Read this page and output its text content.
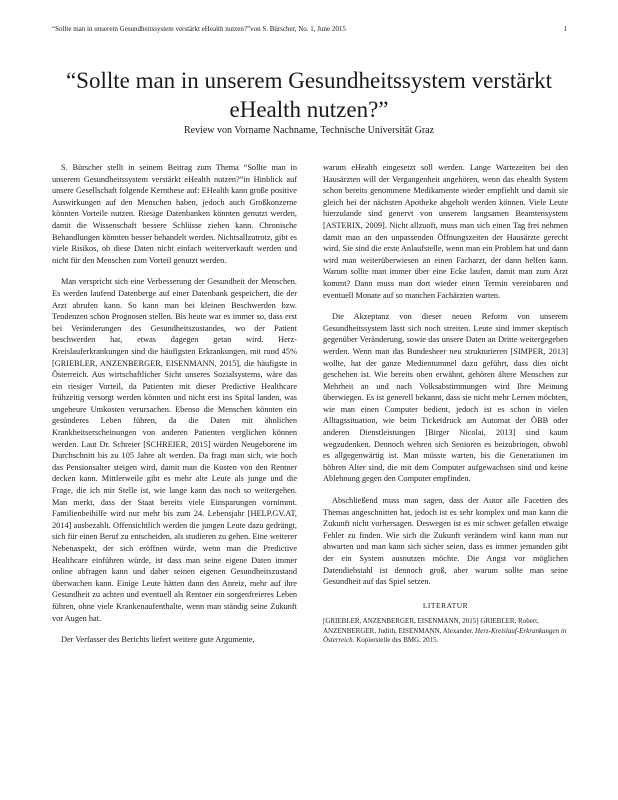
“Sollte man in unserem Gesundheitssystem verstärkt eHealth nutzen?”von S. Bürscher, No. 1, June 2015	1
“Sollte man in unserem Gesundheitssystem verstärkt eHealth nutzen?”
Review von Vorname Nachname, Technische Universität Graz

S. Bürscher stellt in seinem Beitrag zum Thema “Sollte man in unserem Gesundheitssystem verstärkt eHealth nutzen?”in Hinblick auf unsere Gesellschaft folgende Kernthese auf: EHealth kann große positive Auswirkungen auf den Menschen haben, jedoch auch Großkonzerne könnten Vorteile nutzen. Riesige Datenbanken könnten genutzt werden, damit die Wissenschaft bessere Schlüsse ziehen kann. Chronische Behandlungen könnten besser behandelt werden. Nichtsallzutrotz, gibt es viele Risikos, ob diese Daten nicht einfach weiterverkauft werden und nicht für den Menschen zum Vorteil genutzt werden.

Man verspricht sich eine Verbesserung der Gesundheit der Menschen. Es werden laufend Datenberge auf einer Datenbank gespeichert, die der Arzt abrufen kann. So kann man bei kleinen Beschwerden bzw. Tendenzen schon Prognosen stellen. Bis heute war es immer so, dass erst bei Veränderungen des Gesundheitszustandes, wo der Patient beschwerden hat, etwas dagegen getan wird. Herz-Kreislauferkrankungen sind die häufigsten Erkrankungen, mit rund 45% [GRIEBLER, ANZENBERGER, EISENMANN, 2015], die häufigste in Österreich. Aus wirtschaftlicher Sicht unseres Sozialsystems, wäre das ein riesiger Vorteil, da Patienten mit dieser Predictive Healthcare frühzeitig versorgt werden könnten und nicht erst ins Spital landen, was ungeheure Umkosten verursachen. Ebenso die Menschen könnten ein gesünderes Leben führen, da die Daten mit ähnlichen Krankheitserscheinungen von anderen Patienten verglichen können werden. Laut Dr. Schreier [SCHREIER, 2015] würden Neugeborene im Durchschnitt bis zu 105 Jahre alt werden. Da fragt man sich, wie hoch das Pensionsalter steigen wird, damit man die Kosten von den Rentner decken kann. Mittlerweile gibt es mehr alte Leute als junge und die Frage, die ich mir Stelle ist, wie lange kann das noch so weitergehen. Man merkt, dass der Staat bereits viele Einsparungen vornimmt. Familienbeihilfe wird nur mehr bis zum 24. Lebensjahr [HELP.GV.AT, 2014] ausbezahlt. Offensichtlich werden die jungen Leute dazu gedrängt, sich für einen Beruf zu entscheiden, als studieren zu gehen. Eine weiterer Nebenaspekt, der sich eröffnen würde, wenn man die Predictive Healthcare einführen würde, ist dass man seine eigene Daten immer online abfragen kann und daher seinen eigenen Gesundheitszustand überwachen kann. Einige Leute hätten dann den Anreiz, mehr auf ihre Gesundheit zu achten und eventuell als Rentner ein sorgenfreieres Leben führen, ohne viele Krankenaufenthalte, wenn man ständig seine Zukunft vor Augen hat.

Der Verfasser des Berichts liefert weitere gute Argumente,

warum eHealth eingesetzt soll werden. Lange Wartezeiten bei den Hausärzten will der Vergangenheit angehören, wenn das ehealth System schon bereits genommene Medikamente wieder empfiehlt und damit sie gleich bei der nächsten Apotheke abgeholt werden können. Viele Leute hierzulande sind genervt von unserem langsamen Beamtensystem [ASTERIX, 2009]. Nicht allzuoft, muss man sich einen Tag frei nehmen damit man an den unpassenden Öffnungszeiten der Hausärzte gerecht wird. Sie sind die erste Anlaufstelle, wenn man ein Problem hat und dann wird man weiterüberwiesen an einen Facharzt, der dann helfen kann. Warum sollte man immer über eine Ecke laufen, damit man zum Arzt kommt? Dann muss man dort wieder einen Termin vereinbaren und eventuell Monate auf so manchen Fachärzten warten.

Die Akzeptanz von dieser neuen Reform von unserem Gesundheitssystem lässt sich noch streiten. Leute sind immer skeptisch gegenüber Veränderung, sowie das unsere Daten an Dritte weitergegeben werden. Wenn man das Bundesheer neu strukturieren [SIMPER, 2013] wollte, hat der ganze Medientummel dazu geführt, dass dies nicht geschehen ist. Wie bereits oben erwähnt, gehören ältere Menschen zur Mehrheit an und nach Volksabstimmungen wird Ihre Meinung überwiegen. Es ist generell bekannt, dass sie nicht mehr Lernen möchten, wie man einen Computer bedient, jedoch ist es schon in vielen Alltagssituation, wie beim Ticketdruck am Automat der ÖBB oder anderen Dienstleistungen [Birger Nicolai, 2013] sind kaum wegzudenken. Dennoch wehren sich Senioren es beizubringen, obwohl es allgegenwärtig ist. Man müsste warten, bis die Generationen im höhren Alter sind, die mit dem Computer aufgewachsen sind und keine Ablehnung gegen den Computer empfinden.

Abschließend muss man sagen, dass der Autor alle Facetten des Themas angeschnitten hat, jedoch ist es sehr komplex und man kann die Zukunft nicht vorhersagen. Deswegen ist es mir schwer gefallen etwaige Fehler zu finden. Wie sich die Zukunft verändern wird kann man nur abwarten und man kann sich sicher seien, dass es immer jemanden gibt der ein System ausnutzen möchte. Die Angst vor möglichen Datendiebstahl ist dennoch groß, aber warum sollte man seine Gesundheit auf das Spiel setzen.

LITERATUR
[GRIEBLER, ANZENBERGER, EISENMANN, 2015] GRIEBLER, Robert, ANZENBERGER, Judith, EISENMANN, Alexander. Herz-Kreislauf-Erkrankungen in Österreich. Kopierstelle des BMG. 2015.
